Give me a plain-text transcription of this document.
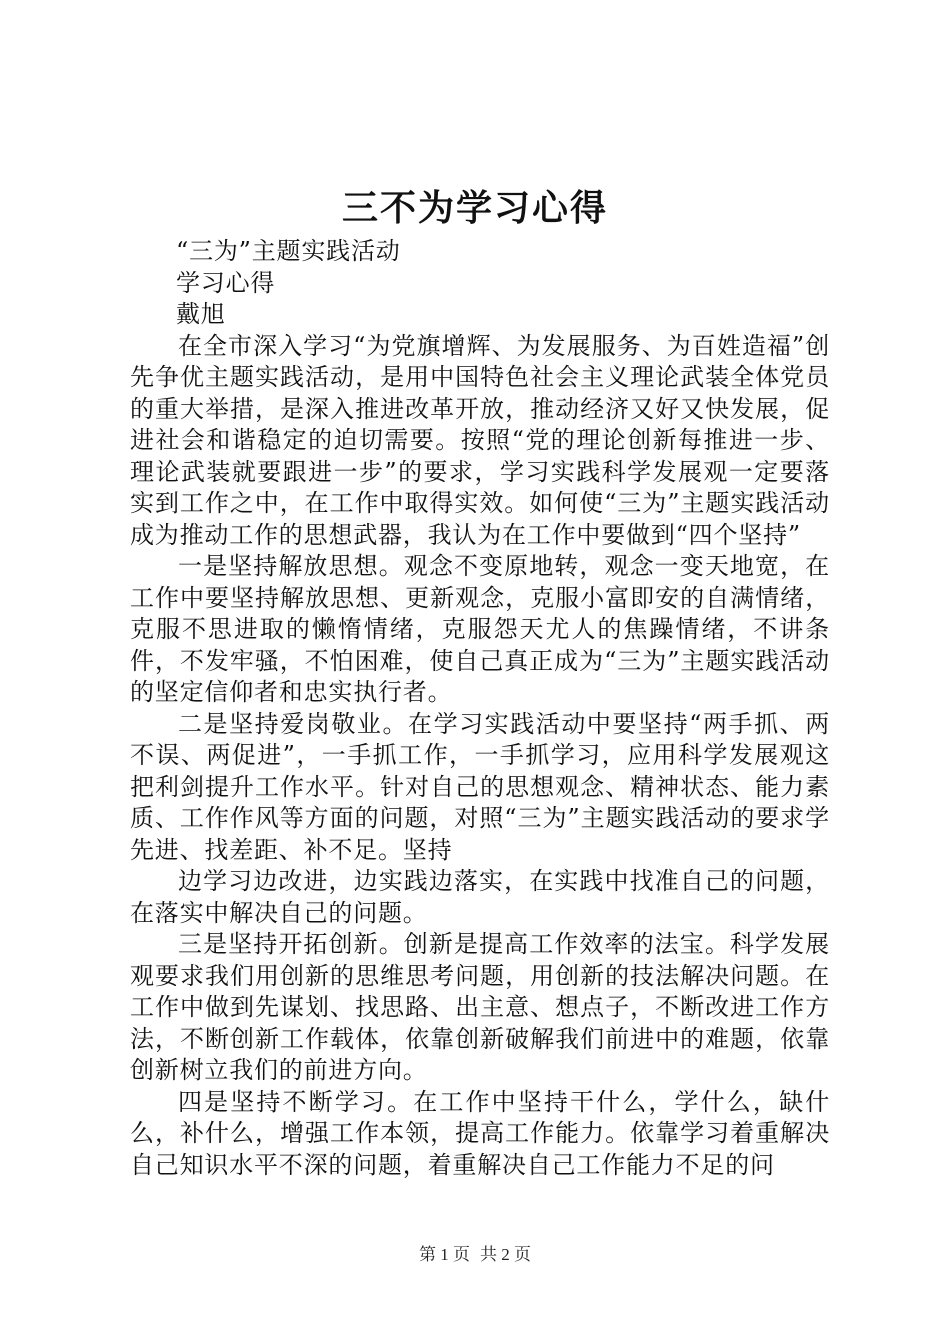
三不为学习心得

“三为”主题实践活动

学习心得

戴旭

在全市深入学习“为党旗增辉、为发展服务、为百姓造福”创先争优主题实践活动，是用中国特色社会主义理论武装全体党员的重大举措，是深入推进改革开放，推动经济又好又快发展，促进社会和谐稳定的迫切需要。按照“党的理论创新每推进一步、理论武装就要跟进一步”的要求，学习实践科学发展观一定要落实到工作之中，在工作中取得实效。如何使“三为”主题实践活动成为推动工作的思想武器，我认为在工作中要做到“四个坚持”

一是坚持解放思想。观念不变原地转，观念一变天地宽，在工作中要坚持解放思想、更新观念，克服小富即安的自满情绪，克服不思进取的懒惰情绪，克服怨天尤人的焦躁情绪，不讲条件，不发牢骚，不怕困难，使自己真正成为“三为”主题实践活动的坚定信仰者和忠实执行者。

二是坚持爱岗敬业。在学习实践活动中要坚持“两手抓、两不误、两促进”，一手抓工作，一手抓学习，应用科学发展观这把利剑提升工作水平。针对自己的思想观念、精神状态、能力素质、工作作风等方面的问题，对照“三为”主题实践活动的要求学先进、找差距、补不足。坚持

边学习边改进，边实践边落实，在实践中找准自己的问题，在落实中解决自己的问题。

三是坚持开拓创新。创新是提高工作效率的法宝。科学发展观要求我们用创新的思维思考问题，用创新的技法解决问题。在工作中做到先谋划、找思路、出主意、想点子，不断改进工作方法，不断创新工作载体，依靠创新破解我们前进中的难题，依靠创新树立我们的前进方向。

四是坚持不断学习。在工作中坚持干什么，学什么，缺什么，补什么，增强工作本领，提高工作能力。依靠学习着重解决自己知识水平不深的问题，着重解决自己工作能力不足的问

第 1 页 共 2 页
